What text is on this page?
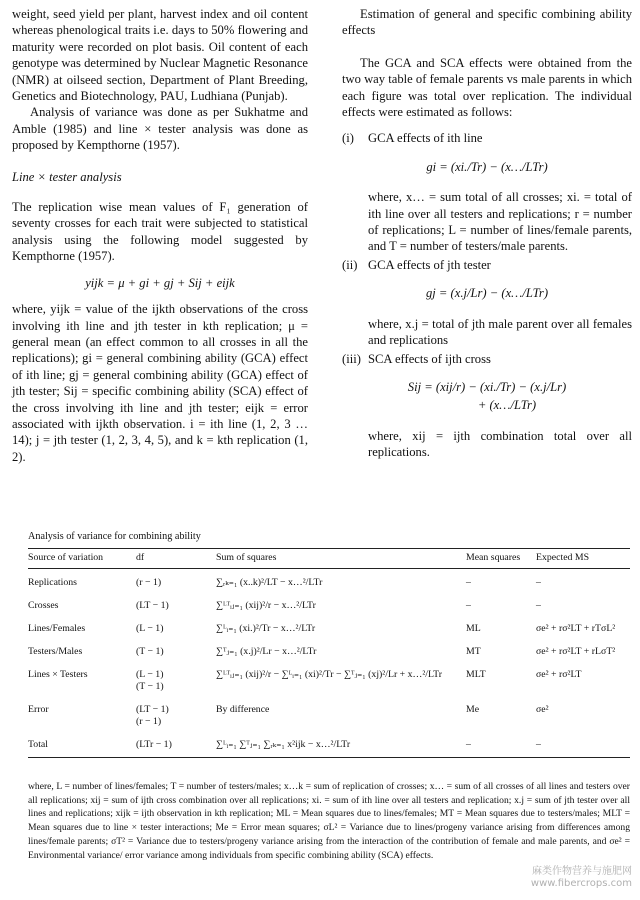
weight, seed yield per plant, harvest index and oil content whereas phenological traits i.e. days to 50% flowering and maturity were recorded on plot basis. Oil content of each genotype was determined by Nuclear Magnetic Resonance (NMR) at oilseed section, Department of Plant Breeding, Genetics and Biotechnology, PAU, Ludhiana (Punjab).

Analysis of variance was done as per Sukhatme and Amble (1985) and line × tester analysis was done as proposed by Kempthorne (1957).

Line × tester analysis

The replication wise mean values of F₁ generation of seventy crosses for each trait were subjected to statistical analysis using the following model suggested by Kempthorne (1957).

yijk = μ + gi + gj + Sij + eijk

where, yijk = value of the ijkth observations of the cross involving ith line and jth tester in kth replication; μ = general mean (an effect common to all crosses in all the replications); gi = general combining ability (GCA) effect of ith line; gj = general combining ability (GCA) effect of jth tester; Sij = specific combining ability (SCA) effect of the cross involving ith line and jth tester; eijk = error associated with ijkth observation. i = ith line (1, 2, 3 … 14); j = jth tester (1, 2, 3, 4, 5), and k = kth replication (1, 2).

Estimation of general and specific combining ability effects

The GCA and SCA effects were obtained from the two way table of female parents vs male parents in which each figure was total over replication. The individual effects were estimated as follows:

(i) GCA effects of ith line

gi = (xi./Tr) − (x…/LTr)

where, x… = sum total of all crosses; xi. = total of ith line over all testers and replications; r = number of replications; L = number of lines/female parents, and T = number of testers/male parents.

(ii) GCA effects of jth tester

gj = (x.j/Lr) − (x…/LTr)

where, x.j = total of jth male parent over all females and replications

(iii) SCA effects of ijth cross

Sij = (xij/r) − (xi./Tr) − (x.j/Lr)

+ (x…/LTr)

where, xij = ijth combination total over all replications.

Analysis of variance for combining ability
Source of variation	df	Sum of squares	Mean squares	Expected MS
Replications	(r − 1)	∑ᵣₖ₌₁ (x..k)²/LT − x…²/LTr	–	–
Crosses	(LT − 1)	∑ᴸᵀᵢⱼ₌₁ (xij)²/r − x…²/LTr	–	–
Lines/Females	(L − 1)	∑ᴸᵢ₌₁ (xi.)²/Tr − x…²/LTr	ML	σe² + rσ²LT + rTσL²
Testers/Males	(T − 1)	∑ᵀⱼ₌₁ (x.j)²/Lr − x…²/LTr	MT	σe² + rσ²LT + rLσT²
Lines × Testers	(L − 1)
(T − 1)	∑ᴸᵀᵢⱼ₌₁ (xij)²/r − ∑ᴸᵢ₌₁ (xi)²/Tr − ∑ᵀⱼ₌₁ (xj)²/Lr + x…²/LTr	MLT	σe² + rσ²LT
Error	(LT − 1)
(r − 1)	By difference	Me	σe²
Total	(LTr − 1)	∑ᴸᵢ₌₁ ∑ᵀⱼ₌₁ ∑ᵣₖ₌₁ x²ijk − x…²/LTr	–	–
where, L = number of lines/females; T = number of testers/males; x…k = sum of replication of crosses; x… = sum of all crosses of all lines and testers over all replications; xij = sum of ijth cross combination over all replications; xi. = sum of ith line over all testers and replication; x.j = sum of jth tester over all lines and replications; xijk = ijth observation in kth replication; ML = Mean squares due to lines/females; MT = Mean squares due to testers/males; MLT = Mean squares due to line × tester interactions; Me = Error mean squares; σL² = Variance due to lines/progeny variance arising from differences among lines/female parents; σT² = Variance due to testers/progeny variance arising from the interaction of the contribution of female and male parents, and σe² = Environmental variance/ error variance among individuals from specific combining ability (SCA) effects.
麻类作物营养与施肥网
www.fibercrops.com
